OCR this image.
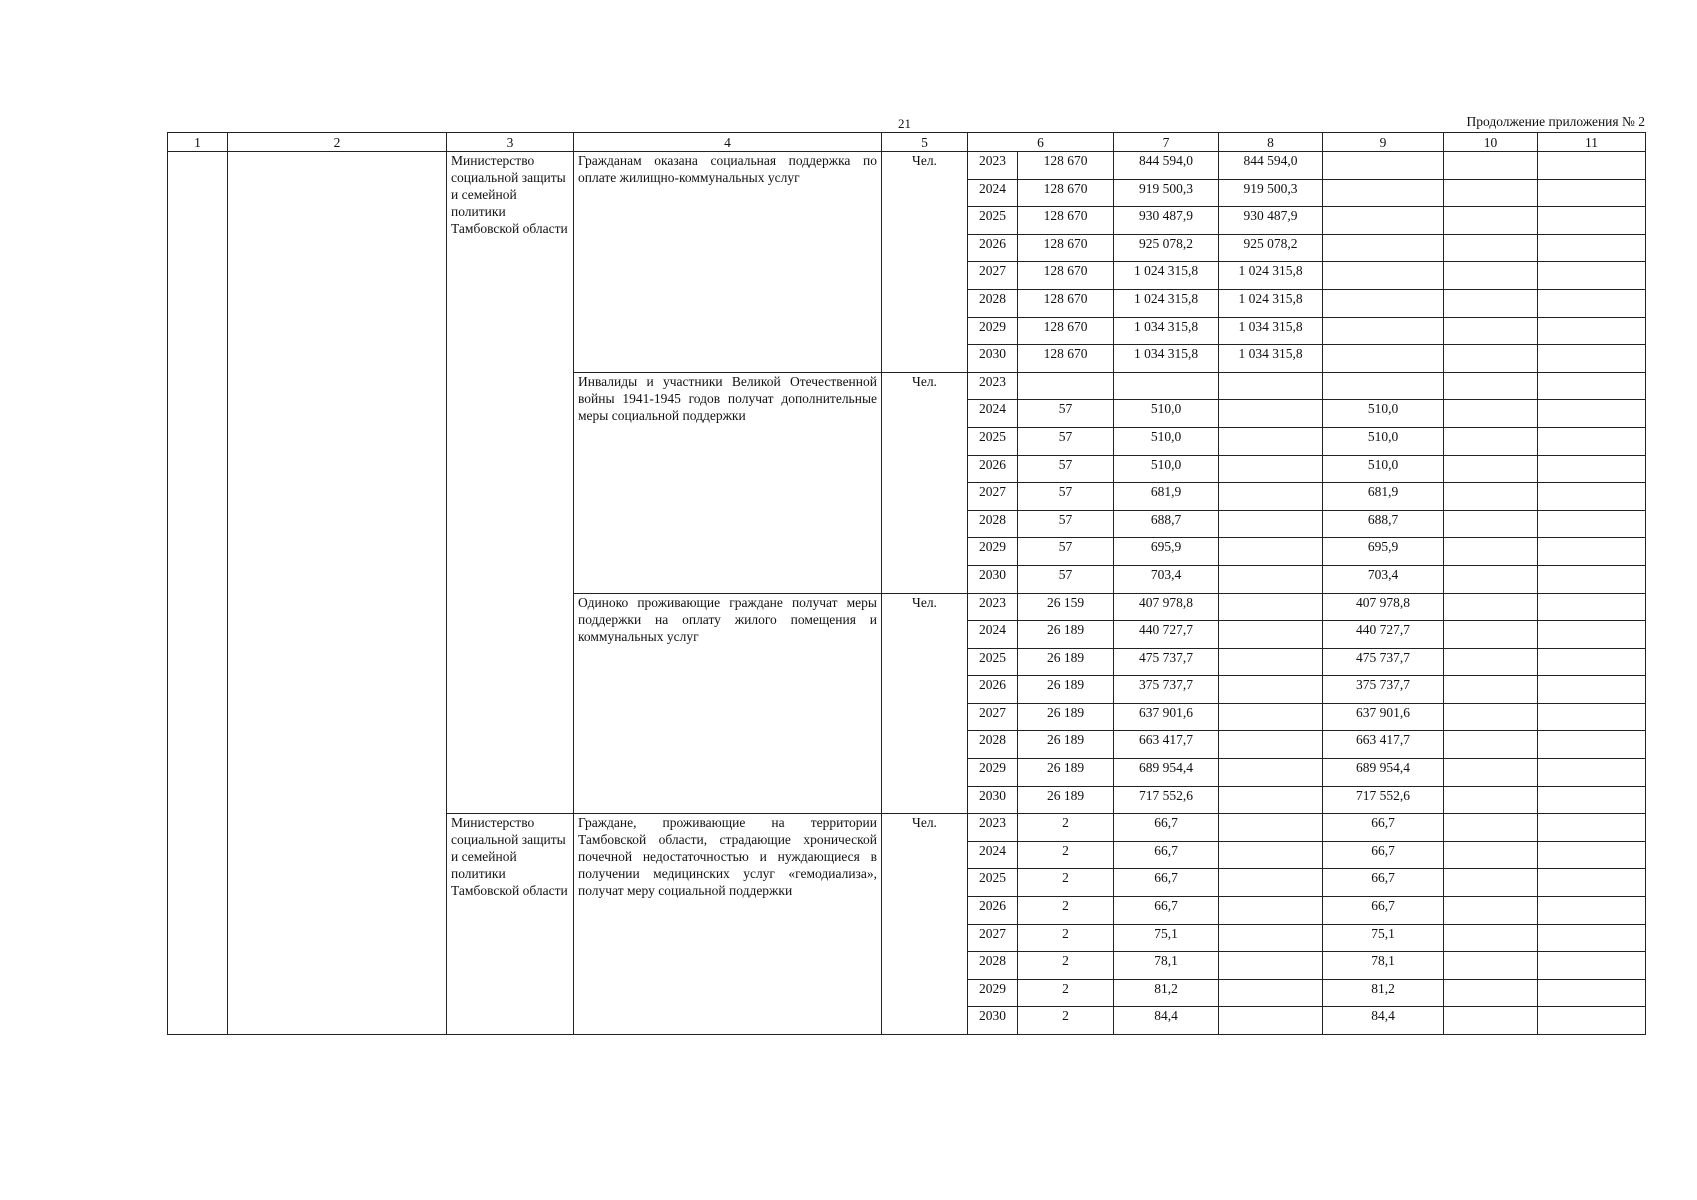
21	Продолжение приложения № 2
1	2	3	4	5	6		7	8	9	10	11
		Министерство социальной защиты и семейной политики Тамбовской области	Гражданам оказана социальная поддержка по оплате жилищно-коммунальных услуг	Чел.	2023	128 670	844 594,0	844 594,0			
					2024	128 670	919 500,3	919 500,3			
					2025	128 670	930 487,9	930 487,9			
					2026	128 670	925 078,2	925 078,2			
					2027	128 670	1 024 315,8	1 024 315,8			
					2028	128 670	1 024 315,8	1 024 315,8			
					2029	128 670	1 034 315,8	1 034 315,8			
					2030	128 670	1 034 315,8	1 034 315,8			
			Инвалиды и участники Великой Отечественной войны 1941-1945 годов получат дополнительные меры социальной поддержки	Чел.	2023						
					2024	57	510,0		510,0		
					2025	57	510,0		510,0		
					2026	57	510,0		510,0		
					2027	57	681,9		681,9		
					2028	57	688,7		688,7		
					2029	57	695,9		695,9		
					2030	57	703,4		703,4		
			Одиноко проживающие граждане получат меры поддержки на оплату жилого помещения и коммунальных услуг	Чел.	2023	26 159	407 978,8		407 978,8		
					2024	26 189	440 727,7		440 727,7		
					2025	26 189	475 737,7		475 737,7		
					2026	26 189	375 737,7		375 737,7		
					2027	26 189	637 901,6		637 901,6		
					2028	26 189	663 417,7		663 417,7		
					2029	26 189	689 954,4		689 954,4		
					2030	26 189	717 552,6		717 552,6		
		Министерство социальной защиты и семейной политики Тамбовской области	Граждане, проживающие на территории Тамбовской области, страдающие хронической почечной недостаточностью и нуждающиеся в получении медицинских услуг «гемодиализа», получат меру социальной поддержки	Чел.	2023	2	66,7		66,7		
					2024	2	66,7		66,7		
					2025	2	66,7		66,7		
					2026	2	66,7		66,7		
					2027	2	75,1		75,1		
					2028	2	78,1		78,1		
					2029	2	81,2		81,2		
					2030	2	84,4		84,4		
